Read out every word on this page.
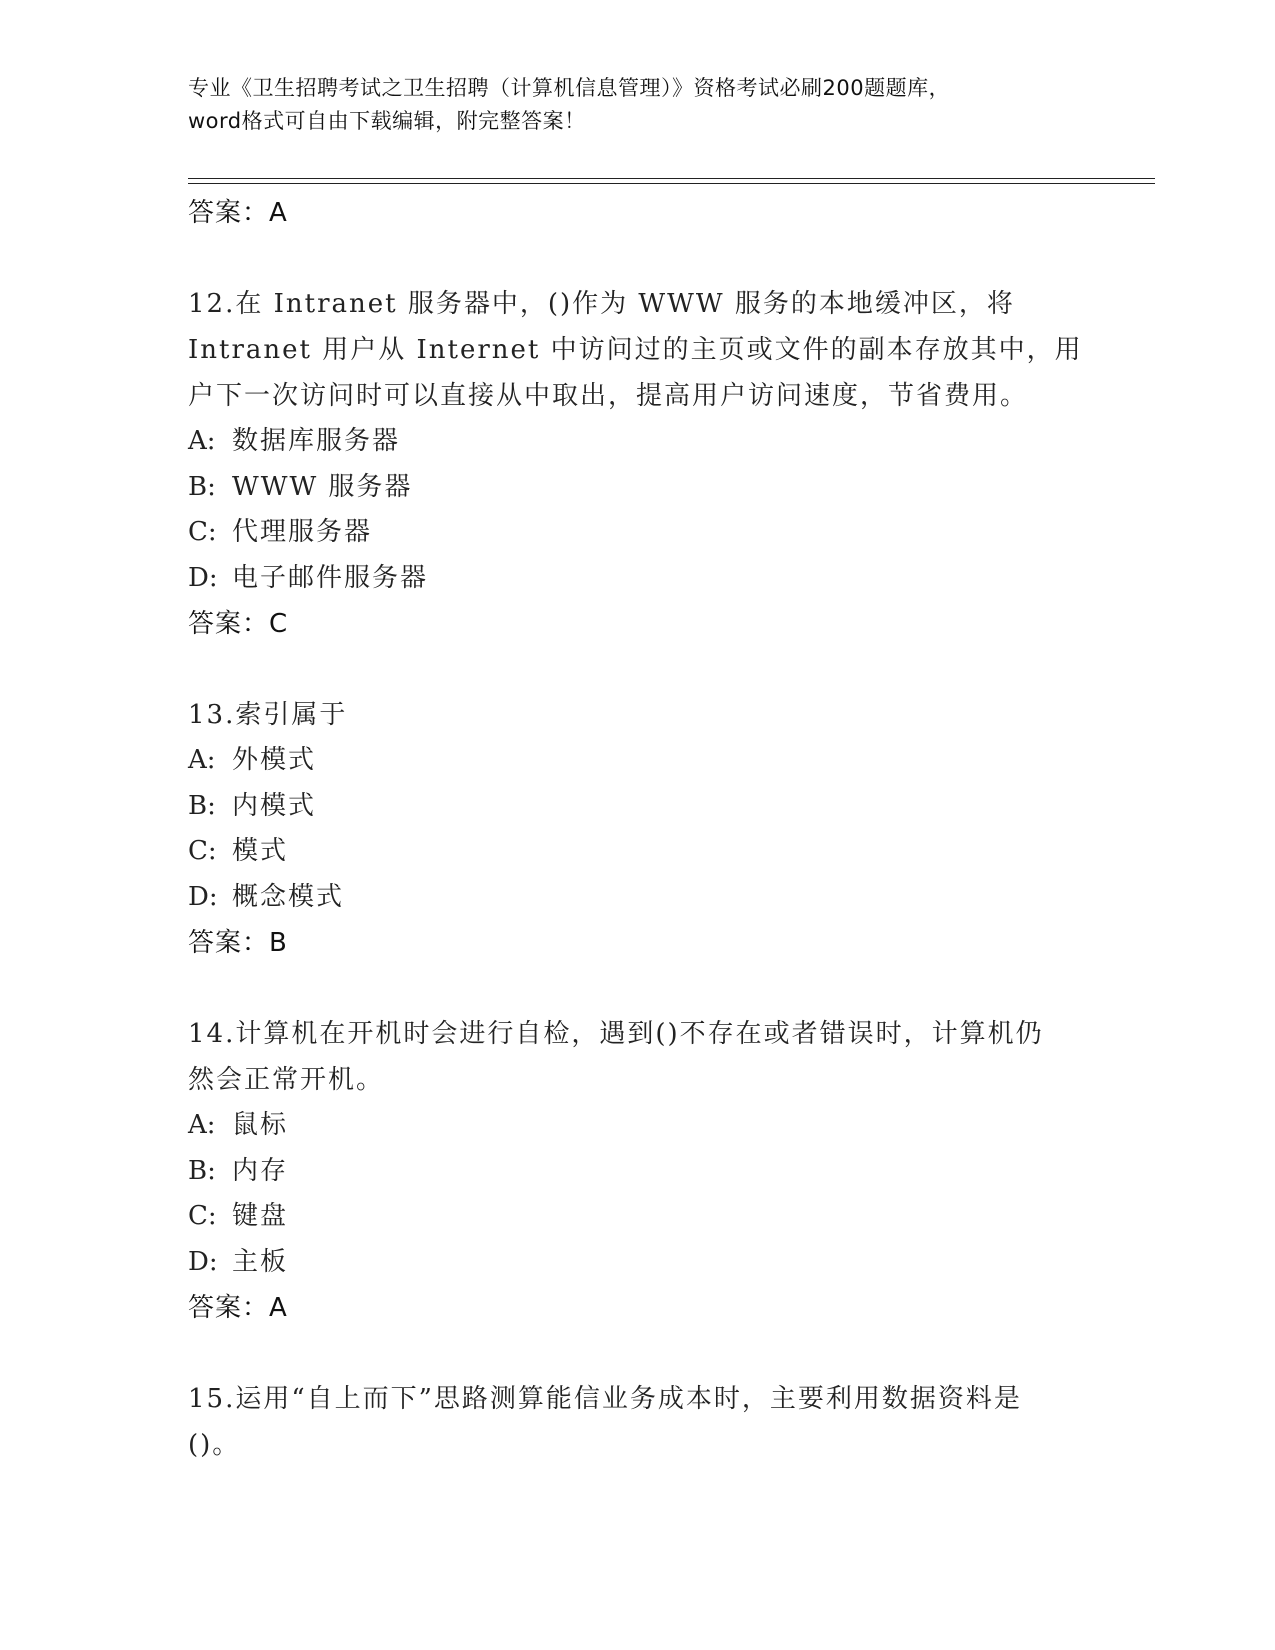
专业《卫生招聘考试之卫生招聘（计算机信息管理）》资格考试必刷200题题库，
word格式可自由下载编辑，附完整答案！
答案：A
12.在 Intranet 服务器中，()作为 WWW 服务的本地缓冲区，将
Intranet 用户从 Internet 中访问过的主页或文件的副本存放其中，用
户下一次访问时可以直接从中取出，提高用户访问速度，节省费用。
A: 数据库服务器
B: WWW 服务器
C: 代理服务器
D: 电子邮件服务器
答案：C
13.索引属于
A: 外模式
B: 内模式
C: 模式
D: 概念模式
答案：B
14.计算机在开机时会进行自检，遇到()不存在或者错误时，计算机仍
然会正常开机。
A: 鼠标
B: 内存
C: 键盘
D: 主板
答案：A
15.运用“自上而下”思路测算能信业务成本时，主要利用数据资料是
()。
